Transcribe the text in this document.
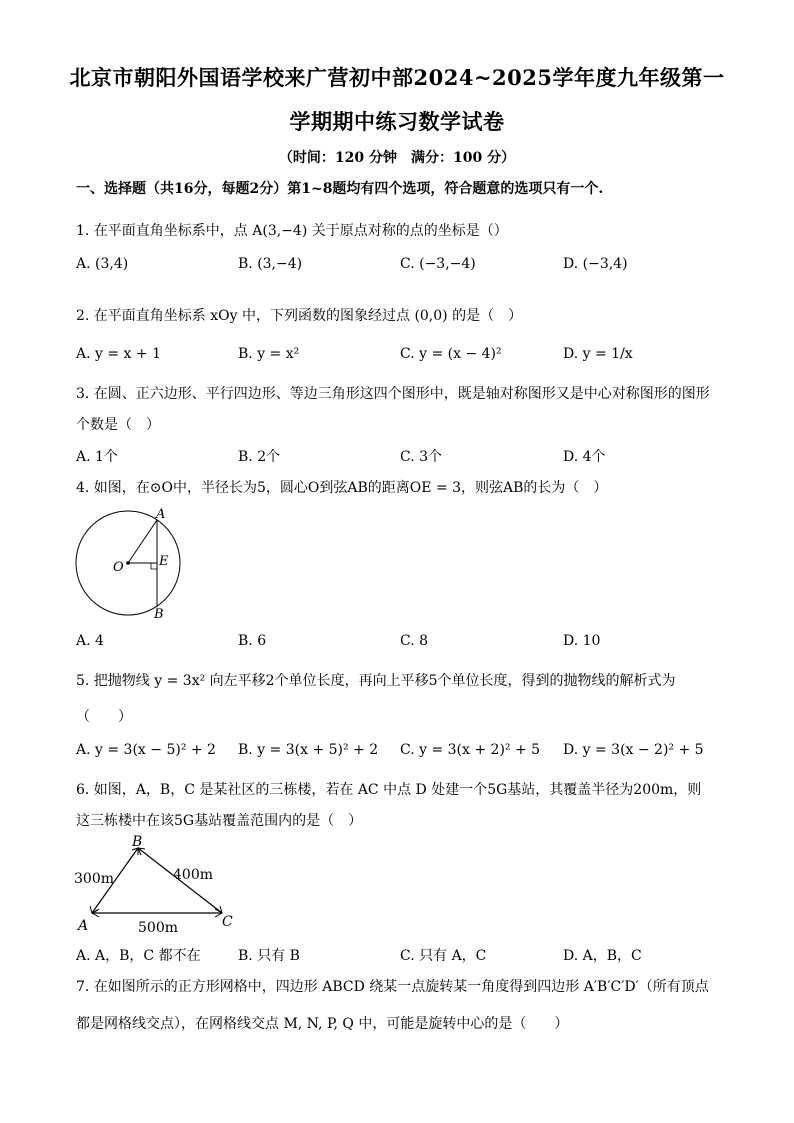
北京市朝阳外国语学校来广营初中部2024~2025学年度九年级第一
学期期中练习数学试卷
（时间：120 分钟　满分：100 分）
一、选择题（共16分，每题2分）第1~8题均有四个选项，符合题意的选项只有一个.
1. 在平面直角坐标系中，点 A(3,−4) 关于原点对称的点的坐标是（）
A. (3,4)	B. (3,−4)	C. (−3,−4)	D. (−3,4)
2. 在平面直角坐标系 xOy 中，下列函数的图象经过点 (0,0) 的是（　）
A. y = x + 1	B. y = x²	C. y = (x − 4)²	D. y = 1/x
3. 在圆、正六边形、平行四边形、等边三角形这四个图形中，既是轴对称图形又是中心对称图形的图形
个数是（　）
A. 1个	B. 2个	C. 3个	D. 4个
4. 如图，在⊙O中，半径长为5，圆心O到弦AB的距离OE = 3，则弦AB的长为（　）
A
B
O	E
A. 4	B. 6	C. 8	D. 10
5. 把抛物线 y = 3x² 向左平移2个单位长度，再向上平移5个单位长度，得到的抛物线的解析式为
（　　）
A. y = 3(x − 5)² + 2 B. y = 3(x + 5)² + 2 C. y = 3(x + 2)² + 5 D. y = 3(x − 2)² + 5
6. 如图，A，B，C 是某社区的三栋楼，若在 AC 中点 D 处建一个5G基站，其覆盖半径为200m，则
这三栋楼中在该5G基站覆盖范围内的是（　）
A
B
C
300m	400m
500m
A. A，B，C 都不在	B. 只有 B	C. 只有 A，C	D. A，B，C
7. 在如图所示的正方形网格中，四边形 ABCD 绕某一点旋转某一角度得到四边形 A′B′C′D′（所有顶点
都是网格线交点），在网格线交点 M, N, P, Q 中，可能是旋转中心的是（　　）
